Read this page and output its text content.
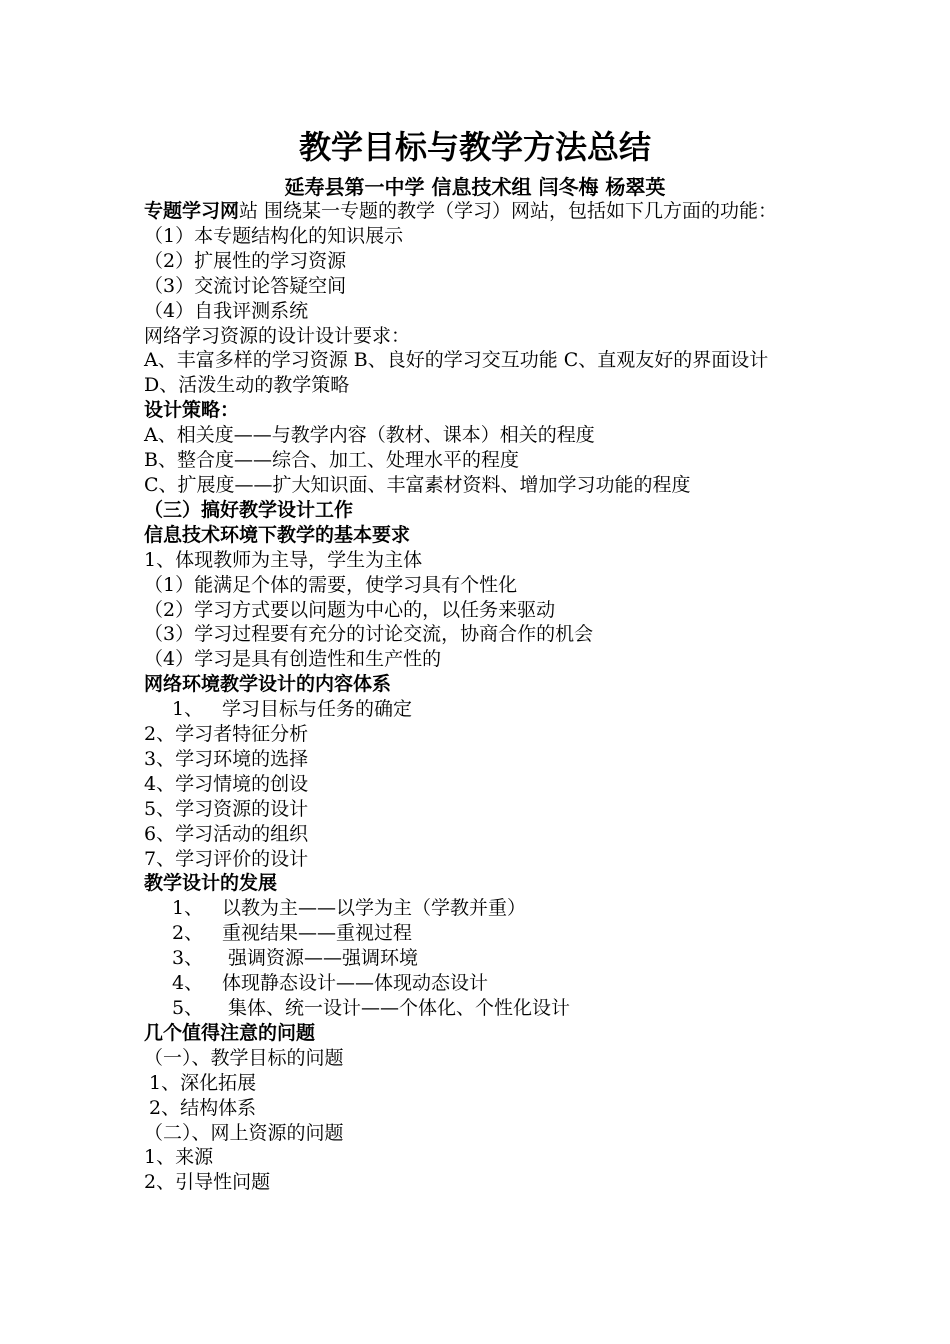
教学目标与教学方法总结
延寿县第一中学 信息技术组 闫冬梅 杨翠英
专题学习网站 围绕某一专题的教学（学习）网站，包括如下几方面的功能：
（1）本专题结构化的知识展示
（2）扩展性的学习资源
（3）交流讨论答疑空间
（4）自我评测系统
网络学习资源的设计设计要求：
A、丰富多样的学习资源 B、良好的学习交互功能 C、直观友好的界面设计 D、活泼生动的教学策略
设计策略：
A、相关度——与教学内容（教材、课本）相关的程度
B、整合度——综合、加工、处理水平的程度
C、扩展度——扩大知识面、丰富素材资料、增加学习功能的程度
（三）搞好教学设计工作
信息技术环境下教学的基本要求
1、体现教师为主导，学生为主体
（1）能满足个体的需要，使学习具有个性化
（2）学习方式要以问题为中心的，以任务来驱动
（3）学习过程要有充分的讨论交流，协商合作的机会
（4）学习是具有创造性和生产性的
网络环境教学设计的内容体系
1、 学习目标与任务的确定
2、学习者特征分析
3、学习环境的选择
4、学习情境的创设
5、学习资源的设计
6、学习活动的组织
7、学习评价的设计
教学设计的发展
1、 以教为主——以学为主（学教并重）
2、 重视结果——重视过程
3、 强调资源——强调环境
4、 体现静态设计——体现动态设计
5、 集体、统一设计——个体化、个性化设计
几个值得注意的问题
（一）、教学目标的问题
1、深化拓展
2、结构体系
（二）、网上资源的问题
1、来源
2、引导性问题
